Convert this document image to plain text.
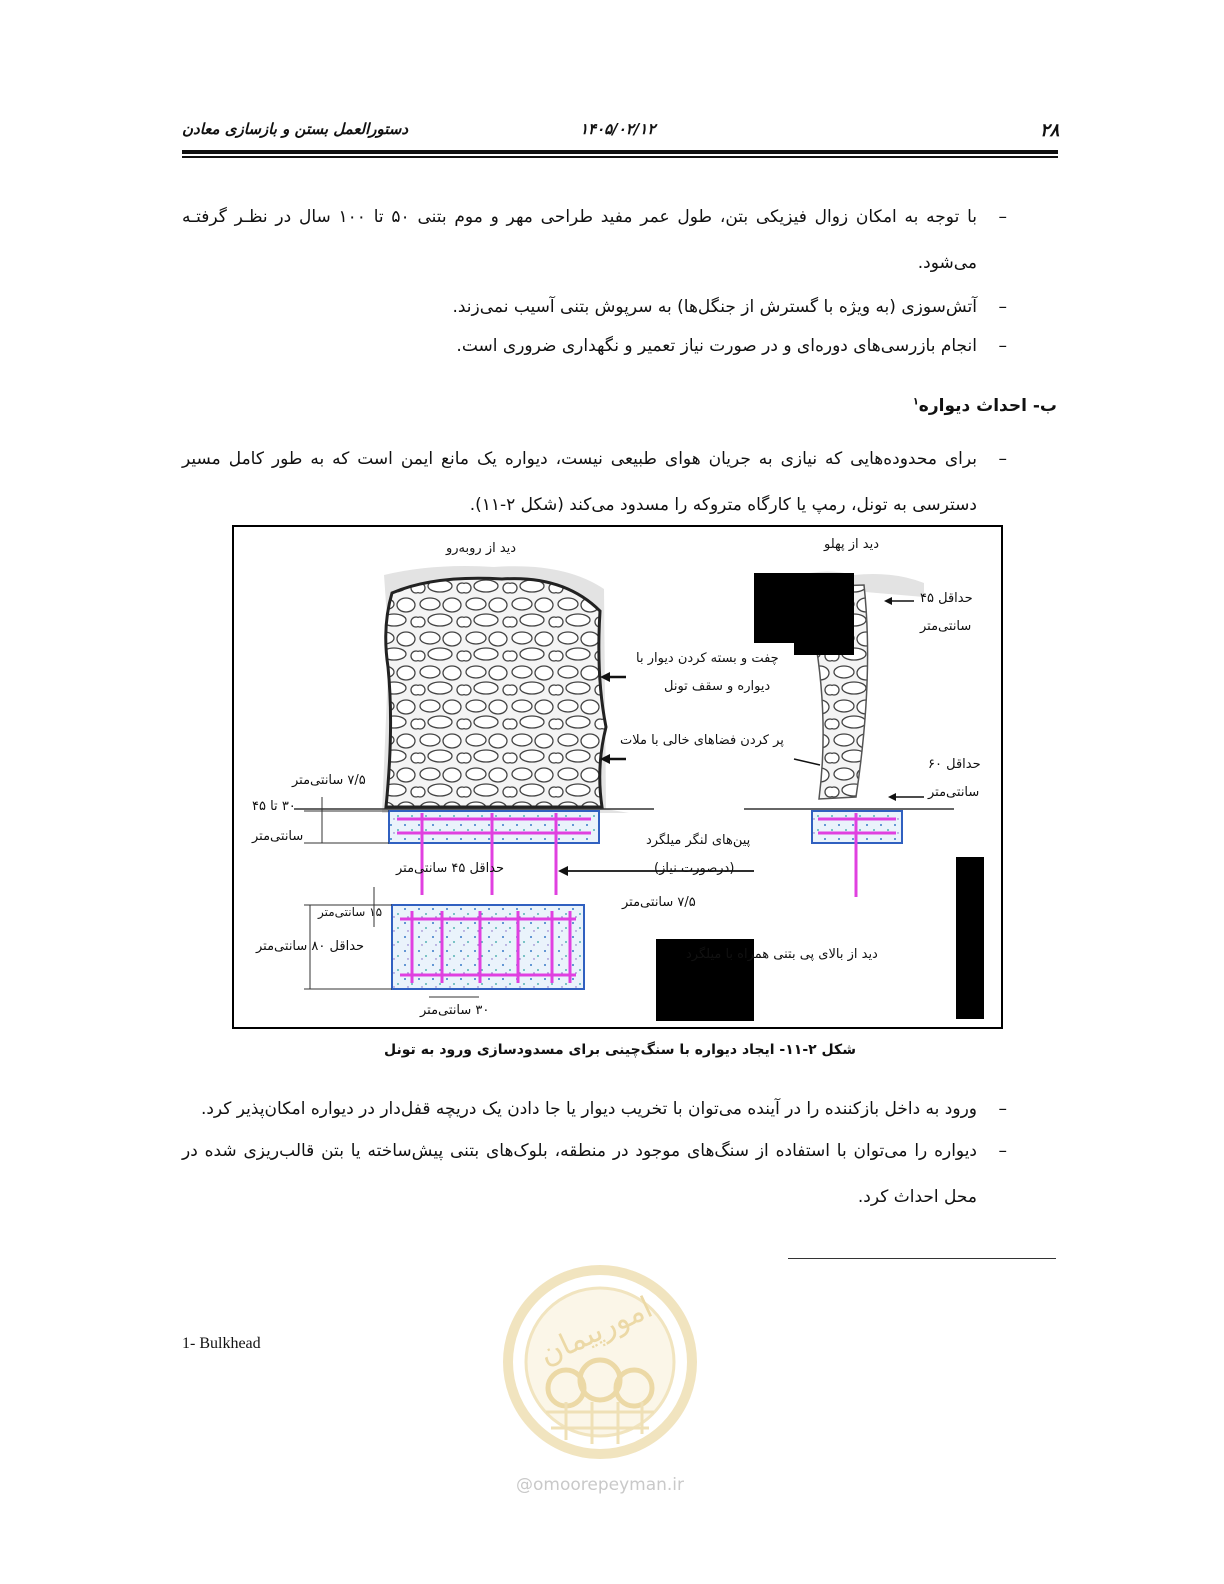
۲۸
۱۴۰۵/۰۲/۱۲
دستورالعمل بستن و بازسازی معادن
–
با توجه به امکان زوال فیزیکی بتن، طول عمر مفید طراحی مهر و موم بتنی ۵۰ تا ۱۰۰ سال در نظـر گرفتـه می‌شود.
–
آتش‌سوزی (به ویژه با گسترش از جنگل‌ها) به سرپوش بتنی آسیب نمی‌زند.
–
انجام بازرسی‌های دوره‌ای و در صورت نیاز تعمیر و نگهداری ضروری است.
ب- احداث دیواره$^۱$
–
برای محدوده‌هایی که نیازی به جریان هوای طبیعی نیست، دیواره یک مانع ایمن است که به طور کامل مسیر دسترسی به تونل، رمپ یا کارگاه متروکه را مسدود می‌کند (شکل ۲-۱۱).
دید از روبه‌رو	دید از پهلو
حداقل ۴۵
سانتی‌متر
چفت و بسته کردن دیوار با
دیواره و سقف تونل
پر کردن فضاهای خالی با ملات
حداقل ۶۰
سانتی‌متر
۷/۵ سانتی‌متر
۳۰ تا ۴۵
سانتی‌متر	پین‌های لنگر میلگرد
(درصورت نیاز)
حداقل ۴۵ سانتی‌متر
۷/۵ سانتی‌متر
۱۵ سانتی‌متر
حداقل ۸۰ سانتی‌متر
۳۰ سانتی‌متر
دید از بالای پی بتنی همراه با میلگرد
شکل ۲-۱۱- ایجاد دیواره با سنگ‌چینی برای مسدودسازی ورود به تونل
–
ورود به داخل بازکننده را در آینده می‌توان با تخریب دیوار یا جا دادن یک دریچه قفل‌دار در دیواره امکان‌پذیر کرد.
–
دیواره را می‌توان با استفاده از سنگ‌های موجود در منطقه، بلوک‌های بتنی پیش‌ساخته یا بتن قالب‌ریزی شده در محل احداث کرد.
1- Bulkhead	امورپیمان
@omoorepeyman.ir
